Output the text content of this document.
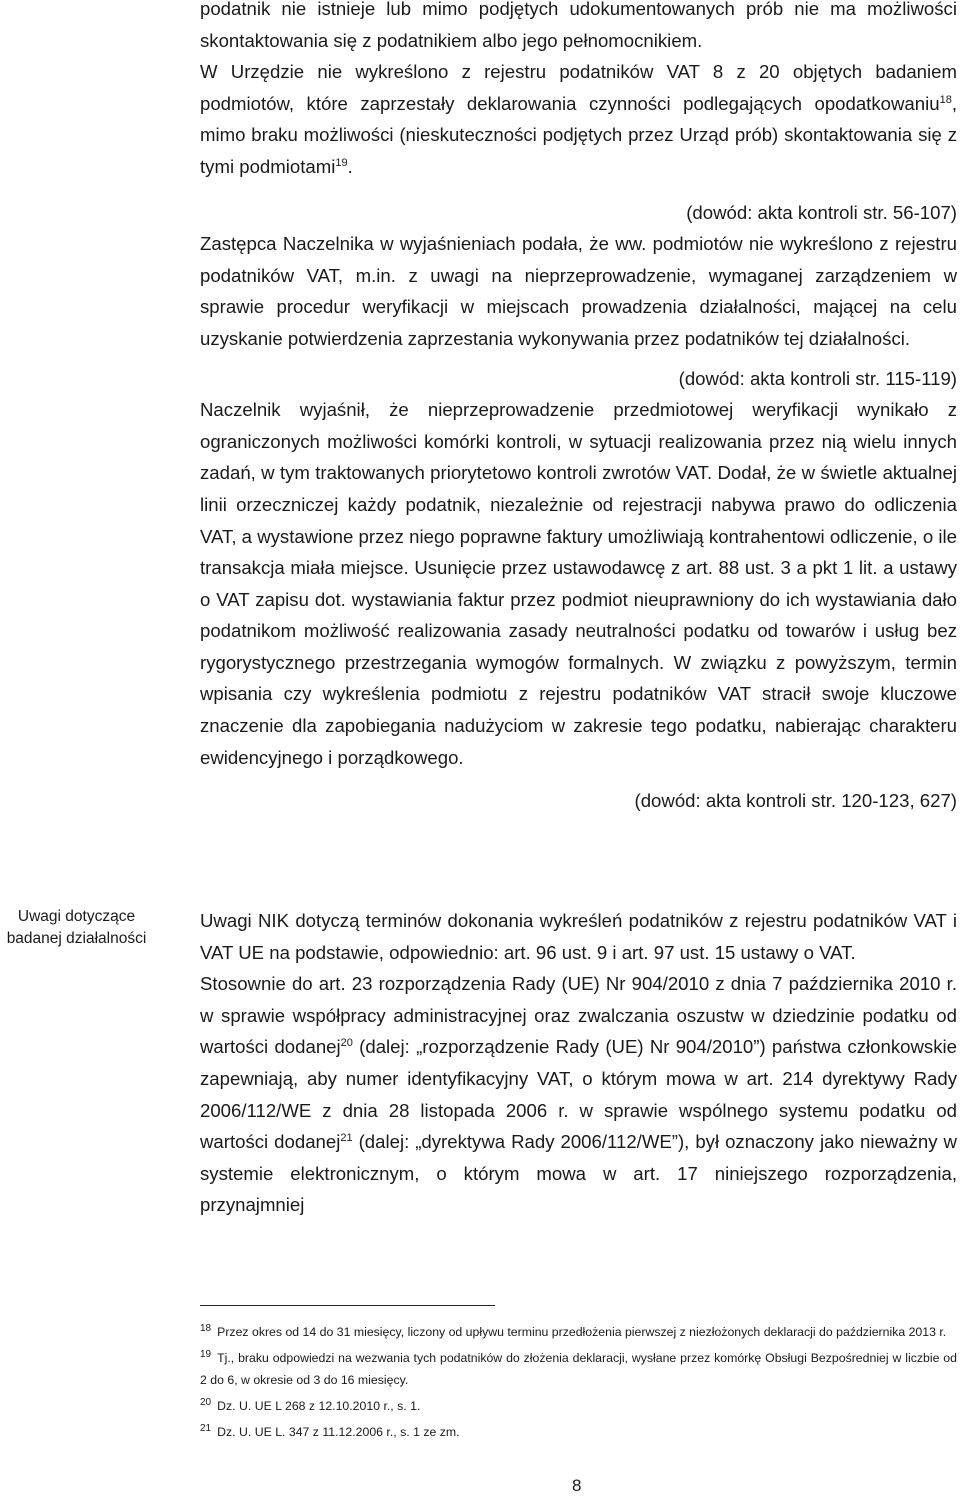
podatnik nie istnieje lub mimo podjętych udokumentowanych prób nie ma możliwości skontaktowania się z podatnikiem albo jego pełnomocnikiem.

W Urzędzie nie wykreślono z rejestru podatników VAT 8 z 20 objętych badaniem podmiotów, które zaprzestały deklarowania czynności podlegających opodatkowaniu$^{18}$, mimo braku możliwości (nieskuteczności podjętych przez Urząd prób) skontaktowania się z tymi podmiotami$^{19}$.

(dowód: akta kontroli str. 56-107)

Zastępca Naczelnika w wyjaśnieniach podała, że ww. podmiotów nie wykreślono z rejestru podatników VAT, m.in. z uwagi na nieprzeprowadzenie, wymaganej zarządzeniem w sprawie procedur weryfikacji w miejscach prowadzenia działalności, mającej na celu uzyskanie potwierdzenia zaprzestania wykonywania przez podatników tej działalności.

(dowód: akta kontroli str. 115-119)

Naczelnik wyjaśnił, że nieprzeprowadzenie przedmiotowej weryfikacji wynikało z ograniczonych możliwości komórki kontroli, w sytuacji realizowania przez nią wielu innych zadań, w tym traktowanych priorytetowo kontroli zwrotów VAT. Dodał, że w świetle aktualnej linii orzeczniczej każdy podatnik, niezależnie od rejestracji nabywa prawo do odliczenia VAT, a wystawione przez niego poprawne faktury umożliwiają kontrahentowi odliczenie, o ile transakcja miała miejsce. Usunięcie przez ustawodawcę z art. 88 ust. 3 a pkt 1 lit. a ustawy o VAT zapisu dot. wystawiania faktur przez podmiot nieuprawniony do ich wystawiania dało podatnikom możliwość realizowania zasady neutralności podatku od towarów i usług bez rygorystycznego przestrzegania wymogów formalnych. W związku z powyższym, termin wpisania czy wykreślenia podmiotu z rejestru podatników VAT stracił swoje kluczowe znaczenie dla zapobiegania nadużyciom w zakresie tego podatku, nabierając charakteru ewidencyjnego i porządkowego.

(dowód: akta kontroli str. 120-123, 627)

Uwagi dotyczące badanej działalności

Uwagi NIK dotyczą terminów dokonania wykreśleń podatników z rejestru podatników VAT i VAT UE na podstawie, odpowiednio: art. 96 ust. 9 i art. 97 ust. 15 ustawy o VAT.

Stosownie do art. 23 rozporządzenia Rady (UE) Nr 904/2010 z dnia 7 października 2010 r. w sprawie współpracy administracyjnej oraz zwalczania oszustw w dziedzinie podatku od wartości dodanej$^{20}$ (dalej: „rozporządzenie Rady (UE) Nr 904/2010”) państwa członkowskie zapewniają, aby numer identyfikacyjny VAT, o którym mowa w art. 214 dyrektywy Rady 2006/112/WE z dnia 28 listopada 2006 r. w sprawie wspólnego systemu podatku od wartości dodanej$^{21}$ (dalej: „dyrektywa Rady 2006/112/WE”), był oznaczony jako nieważny w systemie elektronicznym, o którym mowa w art. 17 niniejszego rozporządzenia, przynajmniej

$^{18}$ Przez okres od 14 do 31 miesięcy, liczony od upływu terminu przedłożenia pierwszej z niezłożonych deklaracji do października 2013 r.

$^{19}$ Tj., braku odpowiedzi na wezwania tych podatników do złożenia deklaracji, wysłane przez komórkę Obsługi Bezpośredniej w liczbie od 2 do 6, w okresie od 3 do 16 miesięcy.

$^{20}$ Dz. U. UE L 268 z 12.10.2010 r., s. 1.

$^{21}$ Dz. U. UE L. 347 z 11.12.2006 r., s. 1 ze zm.

8
